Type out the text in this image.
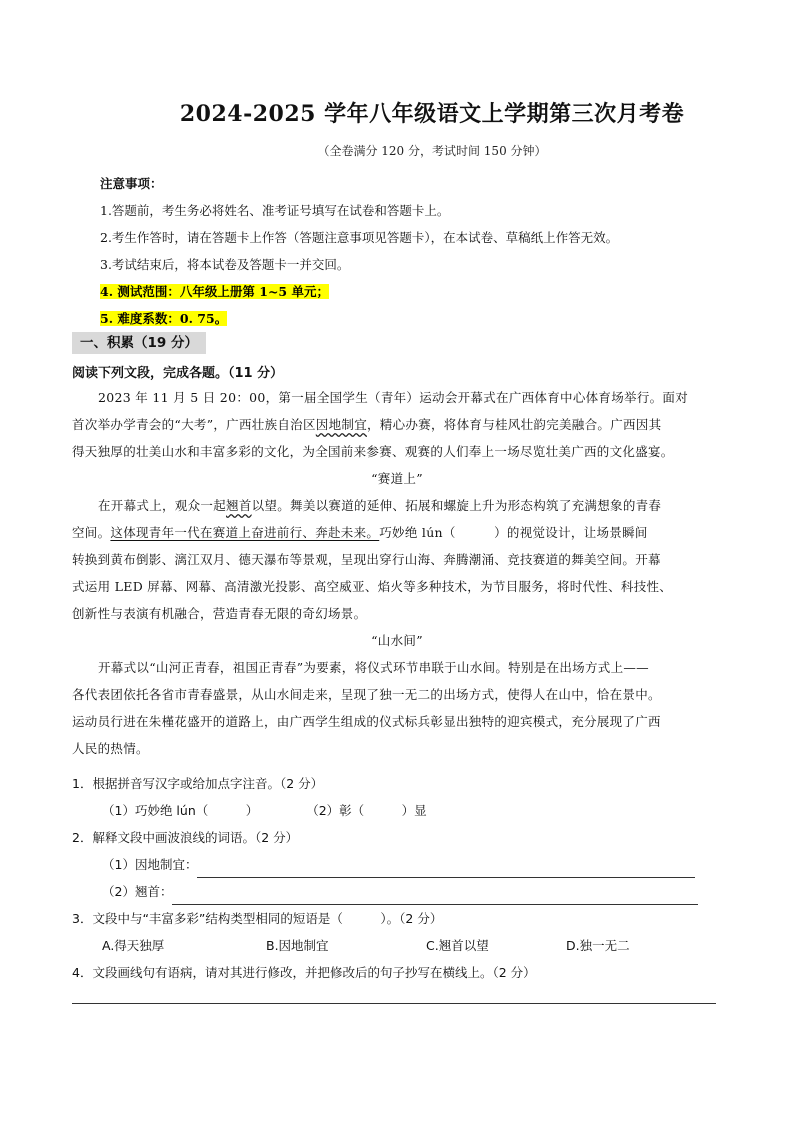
2024-2025 学年八年级语文上学期第三次月考卷
（全卷满分 120 分，考试时间 150 分钟）
注意事项：
1.答题前，考生务必将姓名、准考证号填写在试卷和答题卡上。
2.考生作答时，请在答题卡上作答（答题注意事项见答题卡），在本试卷、草稿纸上作答无效。
3.考试结束后，将本试卷及答题卡一并交回。
4. 测试范围：八年级上册第 1~5 单元；
5. 难度系数：0. 75。
一、积累（19 分）
阅读下列文段，完成各题。（11 分）
2023 年 11 月 5 日 20：00，第一届全国学生（青年）运动会开幕式在广西体育中心体育场举行。面对
首次举办学青会的“大考”，广西壮族自治区因地制宜，精心办赛，将体育与桂风壮韵完美融合。广西因其
得天独厚的壮美山水和丰富多彩的文化，为全国前来参赛、观赛的人们奉上一场尽览壮美广西的文化盛宴。
“赛道上”
在开幕式上，观众一起翘首以望。舞美以赛道的延伸、拓展和螺旋上升为形态构筑了充满想象的青春
空间。这体现青年一代在赛道上奋进前行、奔赴未来。巧妙绝 lún（　　　）的视觉设计，让场景瞬间
转换到黄布倒影、漓江双月、德天瀑布等景观，呈现出穿行山海、奔腾潮涌、竞技赛道的舞美空间。开幕
式运用 LED 屏幕、网幕、高清激光投影、高空威亚、焰火等多种技术，为节目服务，将时代性、科技性、
创新性与表演有机融合，营造青春无限的奇幻场景。
“山水间”
开幕式以“山河正青春，祖国正青春”为要素，将仪式环节串联于山水间。特别是在出场方式上——
各代表团依托各省市青春盛景，从山水间走来，呈现了独一无二的出场方式，使得人在山中，恰在景中。
运动员行进在朱槿花盛开的道路上，由广西学生组成的仪式标兵彰显出独特的迎宾模式，充分展现了广西
人民的热情。
1．根据拼音写汉字或给加点字注音。（2 分）
（1）巧妙绝 lún（　　　）	（2）彰（　　　）显
2．解释文段中画波浪线的词语。（2 分）
（1）因地制宜：
（2）翘首：
3．文段中与“丰富多彩”结构类型相同的短语是（　　　）。（2 分）
A.得天独厚	B.因地制宜	C.翘首以望	D.独一无二
4．文段画线句有语病，请对其进行修改，并把修改后的句子抄写在横线上。（2 分）
